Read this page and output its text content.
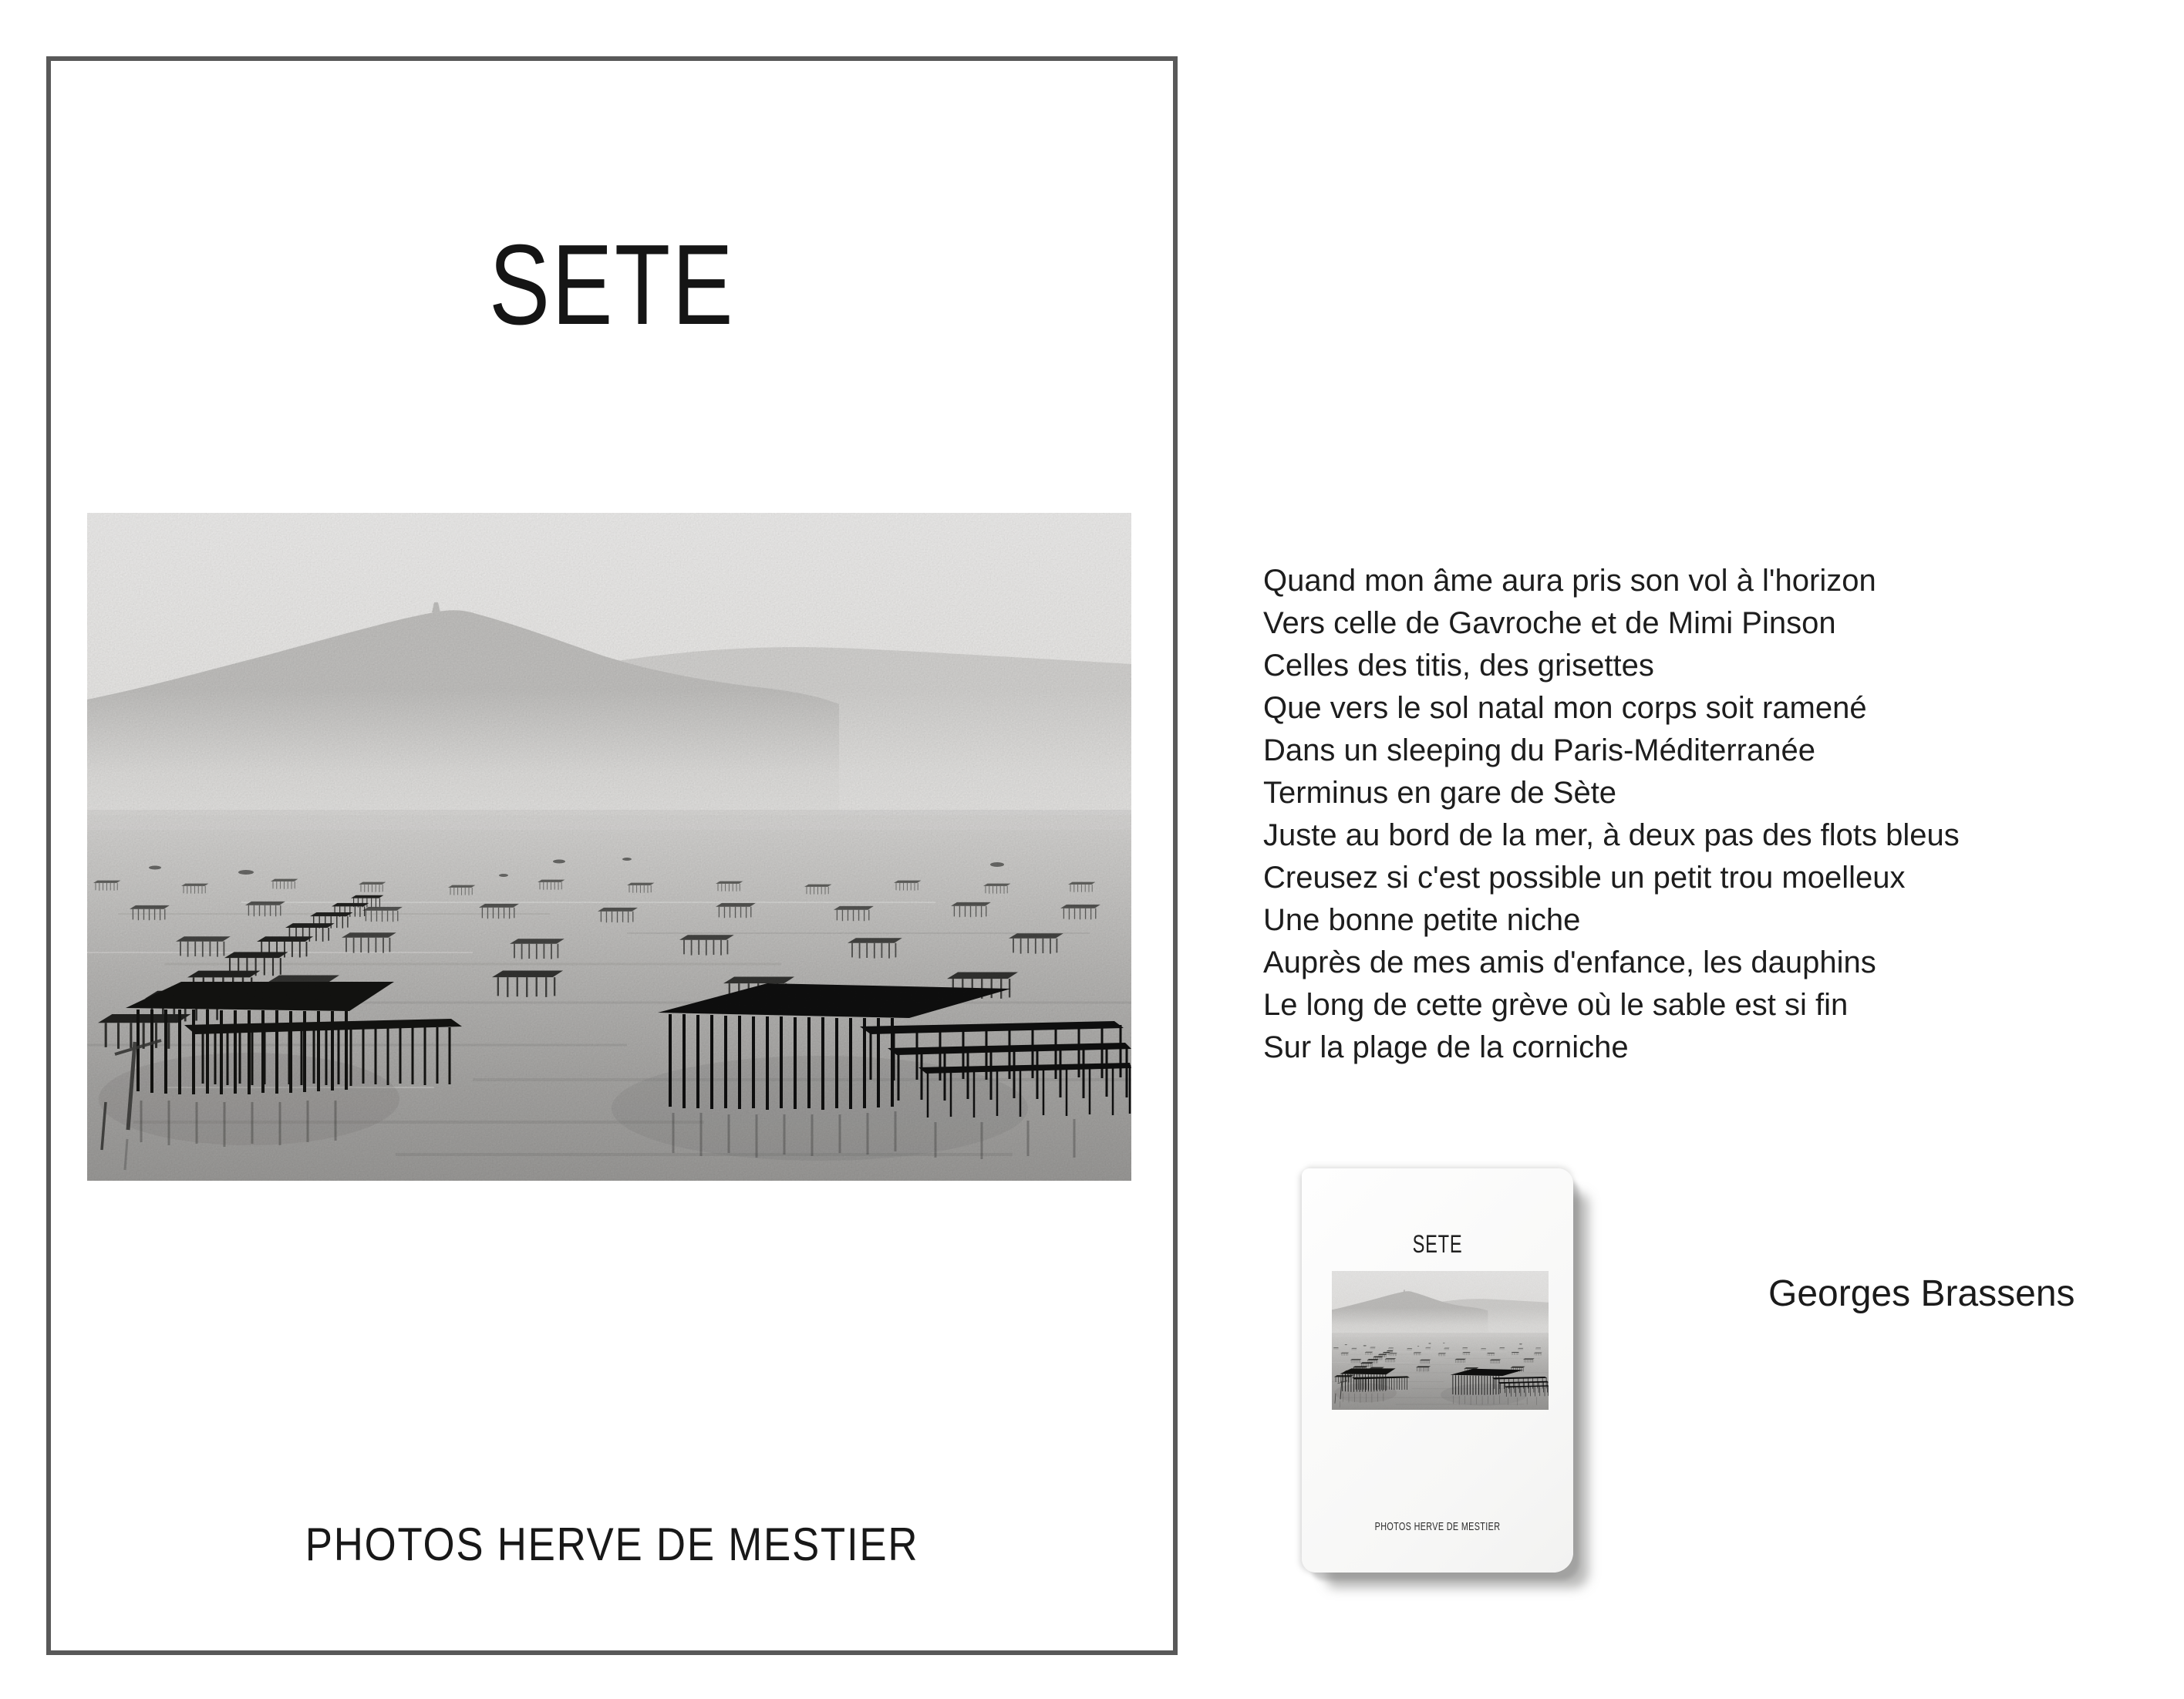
SETE
PHOTOS HERVE DE MESTIER
Quand mon âme aura pris son vol à l'horizon
Vers celle de Gavroche et de Mimi Pinson
Celles des titis, des grisettes
Que vers le sol natal mon corps soit ramené
Dans un sleeping du Paris-Méditerranée
Terminus en gare de Sète
Juste au bord de la mer, à deux pas des flots bleus
Creusez si c'est possible un petit trou moelleux
Une bonne petite niche
Auprès de mes amis d'enfance, les dauphins
Le long de cette grève où le sable est si fin
Sur la plage de la corniche
Georges Brassens
SETE
PHOTOS HERVE DE MESTIER
